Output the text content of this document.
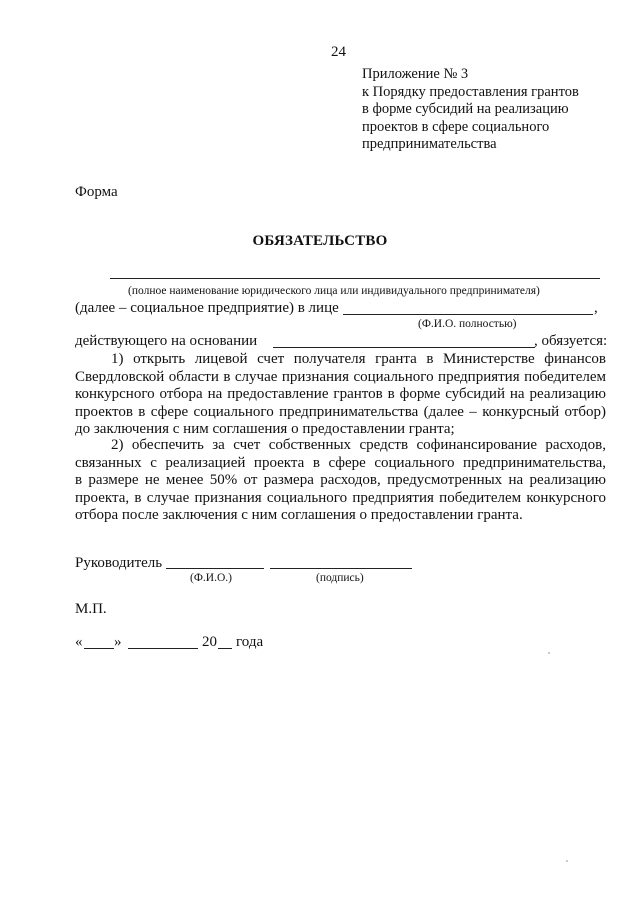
24
Приложение № 3
к Порядку предоставления грантов
в форме субсидий на реализацию
проектов в сфере социального
предпринимательства
Форма
ОБЯЗАТЕЛЬСТВО
(полное наименование юридического лица или индивидуального предпринимателя)
(далее – социальное предприятие) в лице	,
(Ф.И.О. полностью)
действующего на основании	, обязуется:
1) открыть лицевой счет получателя гранта в Министерстве финансов
Свердловской области в случае признания социального предприятия победителем
конкурсного отбора на предоставление грантов в форме субсидий на реализацию
проектов в сфере социального предпринимательства (далее – конкурсный отбор)
до заключения с ним соглашения о предоставлении гранта;
2) обеспечить за счет собственных средств софинансирование расходов,
связанных с реализацией проекта в сфере социального предпринимательства,
в размере не менее 50% от размера расходов, предусмотренных на реализацию
проекта, в случае признания социального предприятия победителем конкурсного
отбора после заключения с ним соглашения о предоставлении гранта.
Руководитель
(Ф.И.О.)	(подпись)
М.П.
« »	20 года
